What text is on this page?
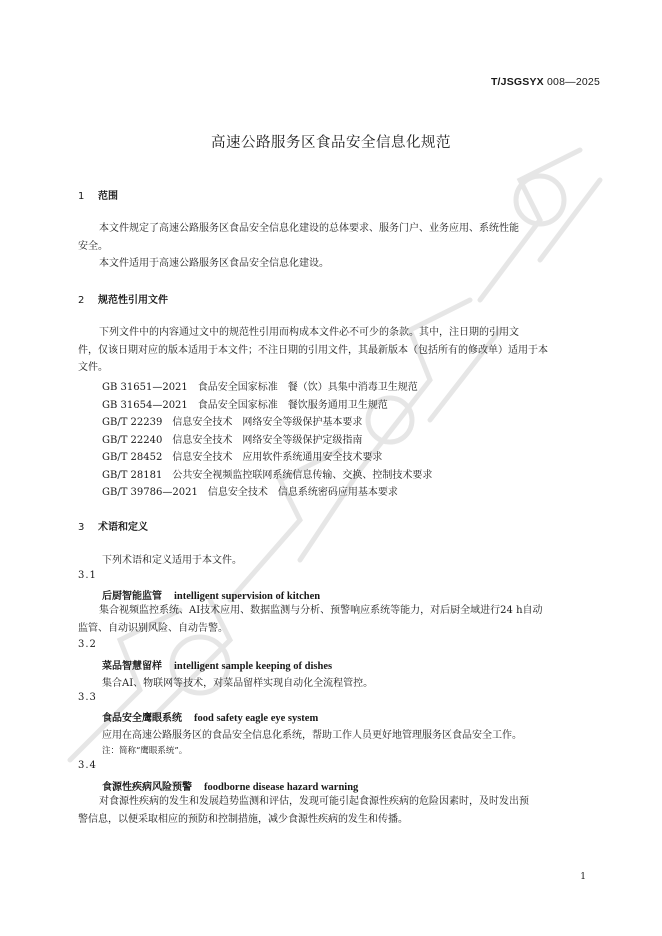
T/JSGSYX 008—2025
高速公路服务区食品安全信息化规范
1 范围
本文件规定了高速公路服务区食品安全信息化建设的总体要求、服务门户、业务应用、系统性能
安全。
本文件适用于高速公路服务区食品安全信息化建设。
2 规范性引用文件
下列文件中的内容通过文中的规范性引用而构成本文件必不可少的条款。其中，注日期的引用文
件，仅该日期对应的版本适用于本文件；不注日期的引用文件，其最新版本（包括所有的修改单）适用于本
文件。
GB 31651—2021　 食品安全国家标准　餐（饮）具集中消毒卫生规范
GB 31654—2021　 食品安全国家标准　餐饮服务通用卫生规范
GB/T 22239　 信息安全技术　网络安全等级保护基本要求
GB/T 22240　 信息安全技术　网络安全等级保护定级指南
GB/T 28452　 信息安全技术　应用软件系统通用安全技术要求
GB/T 28181　 公共安全视频监控联网系统信息传输、交换、控制技术要求
GB/T 39786—2021　 信息安全技术　信息系统密码应用基本要求
3 术语和定义
下列术语和定义适用于本文件。
3.1
后厨智能监管 intelligent supervision of kitchen
集合视频监控系统、AI技术应用、数据监测与分析、预警响应系统等能力，对后厨全域进行24 h自动
监管、自动识别风险、自动告警。
3.2
菜品智慧留样 intelligent sample keeping of dishes
集合AI、物联网等技术，对菜品留样实现自动化全流程管控。
3.3
食品安全鹰眼系统 food safety eagle eye system
应用在高速公路服务区的食品安全信息化系统，帮助工作人员更好地管理服务区食品安全工作。
注：简称“鹰眼系统”。
3.4
食源性疾病风险预警 foodborne disease hazard warning
对食源性疾病的发生和发展趋势监测和评估，发现可能引起食源性疾病的危险因素时，及时发出预
警信息，以便采取相应的预防和控制措施，减少食源性疾病的发生和传播。
1
